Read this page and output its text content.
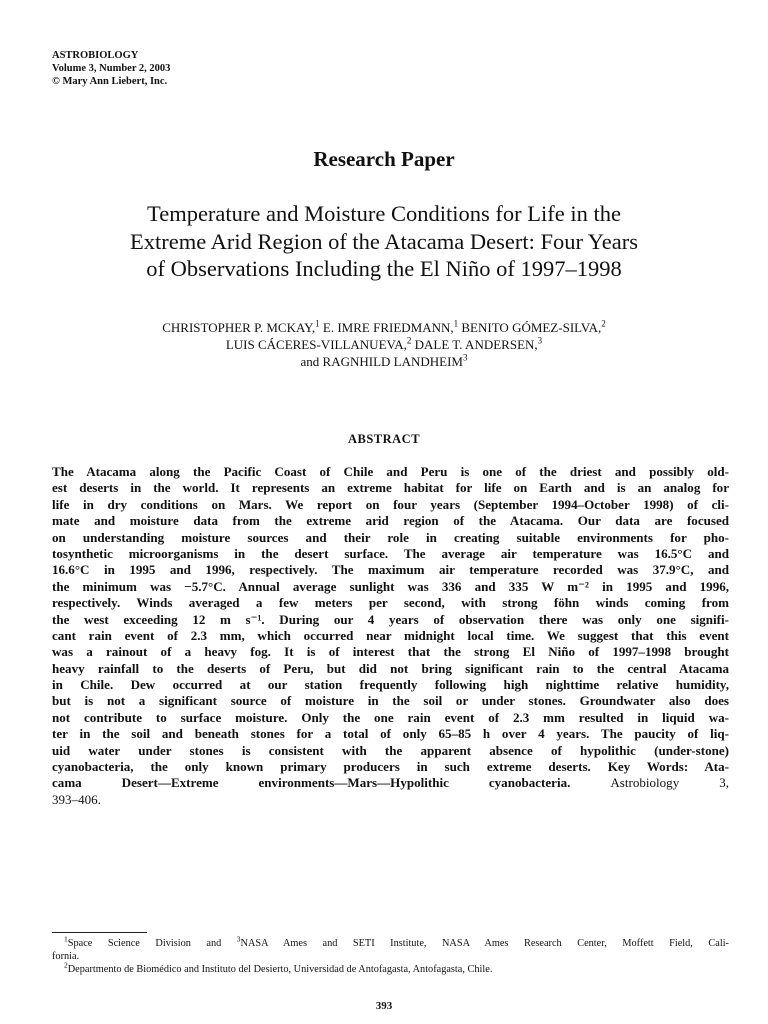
ASTROBIOLOGY
Volume 3, Number 2, 2003
© Mary Ann Liebert, Inc.
Research Paper
Temperature and Moisture Conditions for Life in the
Extreme Arid Region of the Atacama Desert: Four Years
of Observations Including the El Niño of 1997–1998
CHRISTOPHER P. MCKAY,$^1$ E. IMRE FRIEDMANN,$^1$ BENITO GÓMEZ-SILVA,$^2$
LUIS CÁCERES-VILLANUEVA,$^2$ DALE T. ANDERSEN,$^3$
and RAGNHILD LANDHEIM$^3$
ABSTRACT
The Atacama along the Pacific Coast of Chile and Peru is one of the driest and possibly old-
est deserts in the world. It represents an extreme habitat for life on Earth and is an analog for
life in dry conditions on Mars. We report on four years (September 1994–October 1998) of cli-
mate and moisture data from the extreme arid region of the Atacama. Our data are focused
on understanding moisture sources and their role in creating suitable environments for pho-
tosynthetic microorganisms in the desert surface. The average air temperature was 16.5°C and
16.6°C in 1995 and 1996, respectively. The maximum air temperature recorded was 37.9°C, and
the minimum was −5.7°C. Annual average sunlight was 336 and 335 W m⁻² in 1995 and 1996,
respectively. Winds averaged a few meters per second, with strong föhn winds coming from
the west exceeding 12 m s⁻¹. During our 4 years of observation there was only one signifi-
cant rain event of 2.3 mm, which occurred near midnight local time. We suggest that this event
was a rainout of a heavy fog. It is of interest that the strong El Niño of 1997–1998 brought
heavy rainfall to the deserts of Peru, but did not bring significant rain to the central Atacama
in Chile. Dew occurred at our station frequently following high nighttime relative humidity,
but is not a significant source of moisture in the soil or under stones. Groundwater also does
not contribute to surface moisture. Only the one rain event of 2.3 mm resulted in liquid wa-
ter in the soil and beneath stones for a total of only 65–85 h over 4 years. The paucity of liq-
uid water under stones is consistent with the apparent absence of hypolithic (under-stone)
cyanobacteria, the only known primary producers in such extreme deserts. Key Words: Ata-
cama Desert—Extreme environments—Mars—Hypolithic cyanobacteria.	Astrobiology 3,
393–406.
$^1$Space Science Division and $^3$NASA Ames and SETI Institute, NASA Ames Research Center, Moffett Field, Cali-
fornia.
$^2$Departmento de Biomédico and Instituto del Desierto, Universidad de Antofagasta, Antofagasta, Chile.
393
